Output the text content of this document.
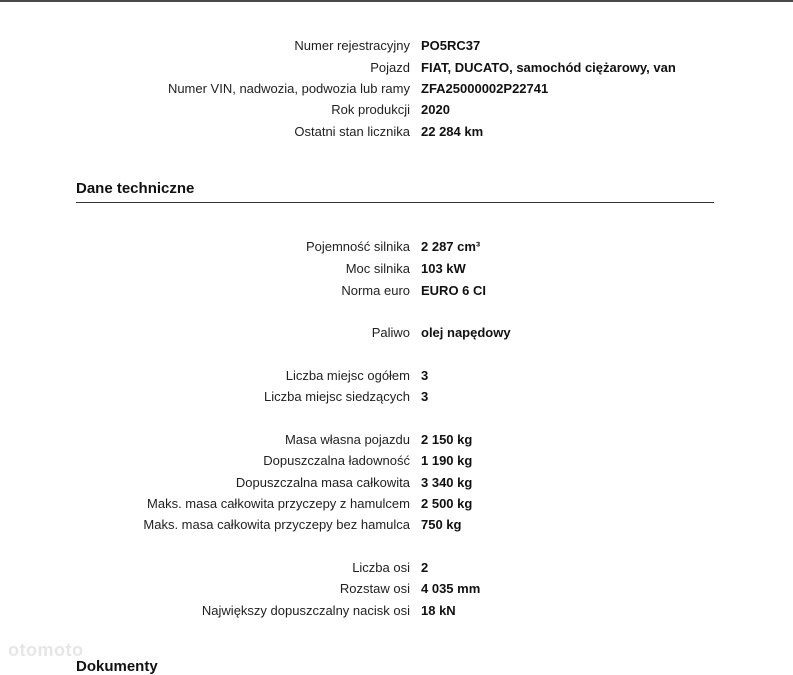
Numer rejestracyjny PO5RC37
Pojazd FIAT, DUCATO, samochód ciężarowy, van
Numer VIN, nadwozia, podwozia lub ramy ZFA25000002P22741
Rok produkcji 2020
Ostatni stan licznika 22 284 km
Dane techniczne
Pojemność silnika 2 287 cm³
Moc silnika 103 kW
Norma euro EURO 6 CI
Paliwo olej napędowy
Liczba miejsc ogółem 3
Liczba miejsc siedzących 3
Masa własna pojazdu 2 150 kg
Dopuszczalna ładowność 1 190 kg
Dopuszczalna masa całkowita 3 340 kg
Maks. masa całkowita przyczepy z hamulcem 2 500 kg
Maks. masa całkowita przyczepy bez hamulca 750 kg
Liczba osi 2
Rozstaw osi 4 035 mm
Największy dopuszczalny nacisk osi 18 kN
otomoto
Dokumenty
